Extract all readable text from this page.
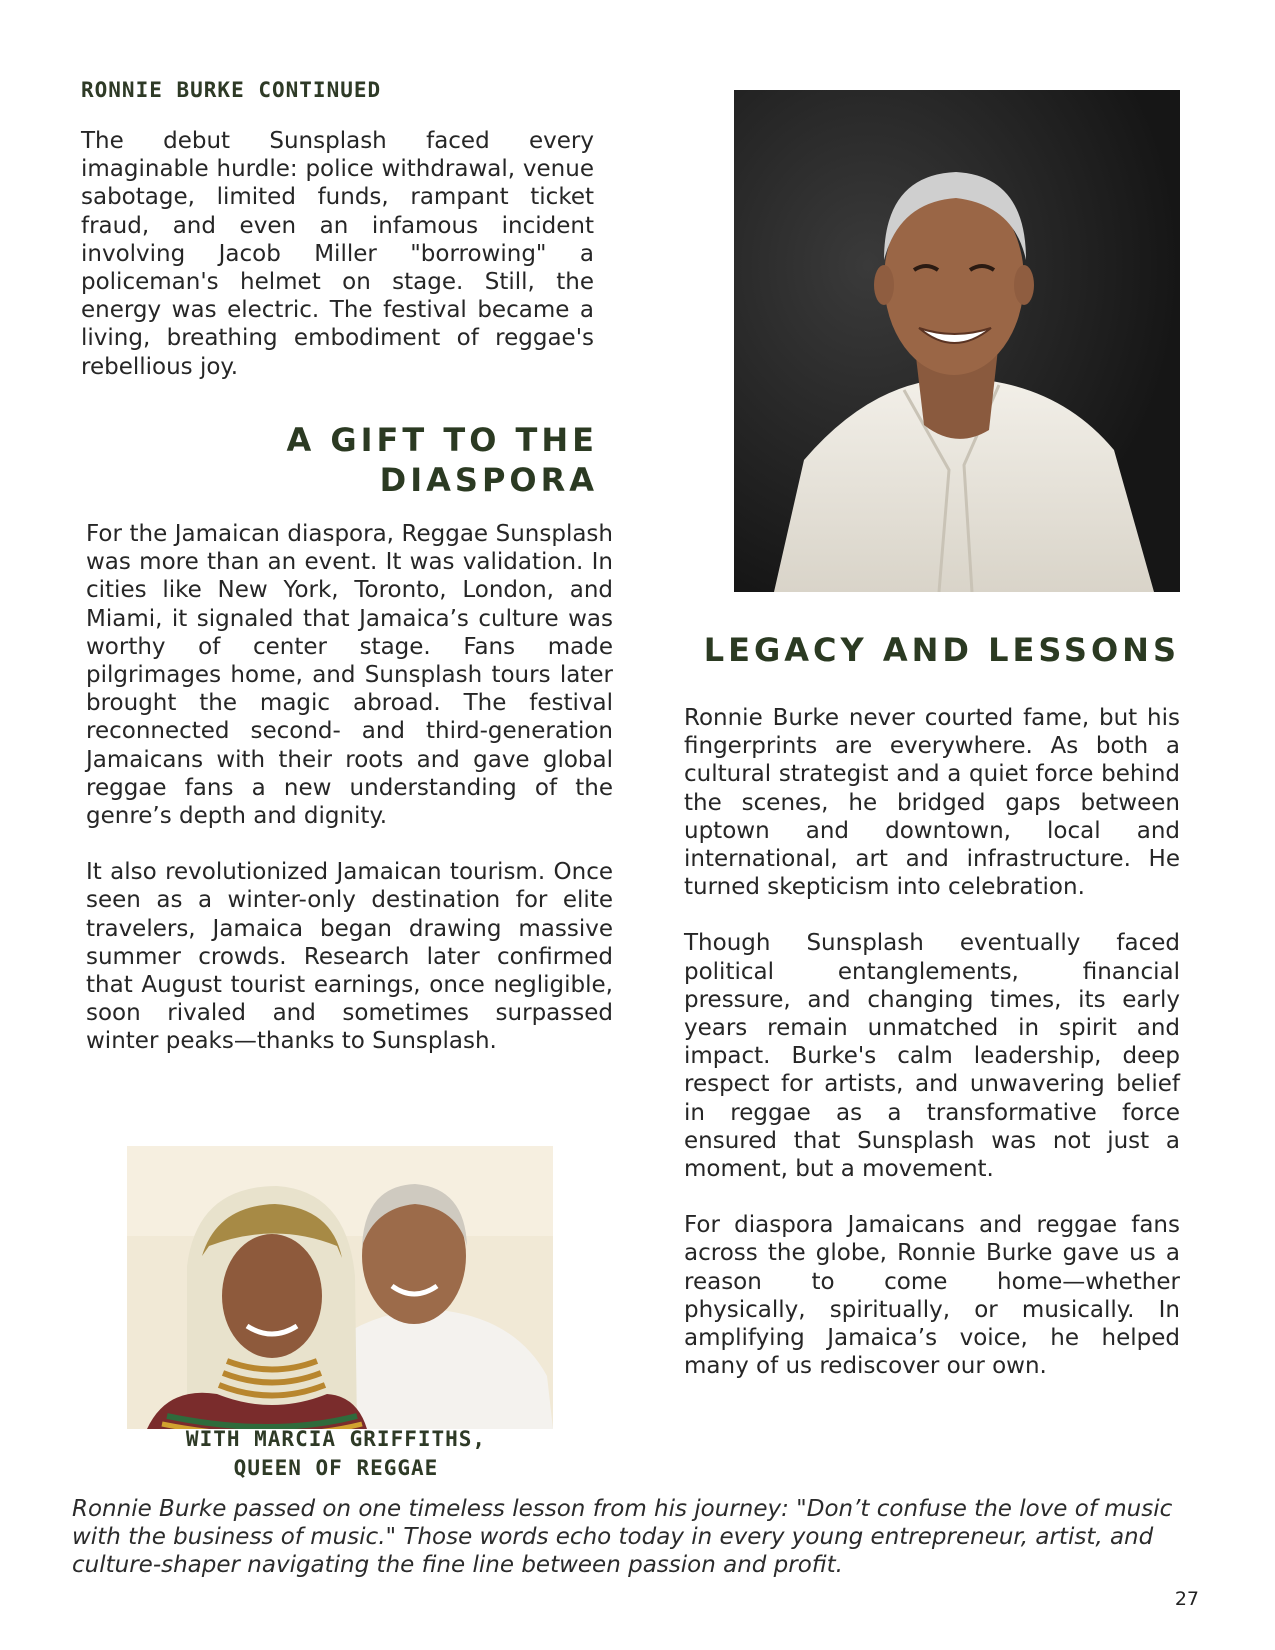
RONNIE BURKE CONTINUED

The debut Sunsplash faced every imaginable hurdle: police withdrawal, venue sabotage, limited funds, rampant ticket fraud, and even an infamous incident involving Jacob Miller "borrowing" a policeman's helmet on stage. Still, the energy was electric. The festival became a living, breathing embodiment of reggae's rebellious joy.

A GIFT TO THE
DIASPORA

For the Jamaican diaspora, Reggae Sunsplash was more than an event. It was validation. In cities like New York, Toronto, London, and Miami, it signaled that Jamaica’s culture was worthy of center stage. Fans made pilgrimages home, and Sunsplash tours later brought the magic abroad. The festival reconnected second- and third-generation Jamaicans with their roots and gave global reggae fans a new understanding of the genre’s depth and dignity.

It also revolutionized Jamaican tourism. Once seen as a winter-only destination for elite travelers, Jamaica began drawing massive summer crowds. Research later confirmed that August tourist earnings, once negligible, soon rivaled and sometimes surpassed winter peaks—thanks to Sunsplash.

LEGACY AND LESSONS

Ronnie Burke never courted fame, but his fingerprints are everywhere. As both a cultural strategist and a quiet force behind the scenes, he bridged gaps between uptown and downtown, local and international, art and infrastructure. He turned skepticism into celebration.

Though Sunsplash eventually faced political entanglements, financial pressure, and changing times, its early years remain unmatched in spirit and impact. Burke's calm leadership, deep respect for artists, and unwavering belief in reggae as a transformative force ensured that Sunsplash was not just a moment, but a movement.

For diaspora Jamaicans and reggae fans across the globe, Ronnie Burke gave us a reason to come home—whether physically, spiritually, or musically. In amplifying Jamaica’s voice, he helped many of us rediscover our own.

WITH MARCIA GRIFFITHS,
QUEEN OF REGGAE
Ronnie Burke passed on one timeless lesson from his journey: "Don’t confuse the love of music with the business of music." Those words echo today in every young entrepreneur, artist, and culture-shaper navigating the fine line between passion and profit.
27
